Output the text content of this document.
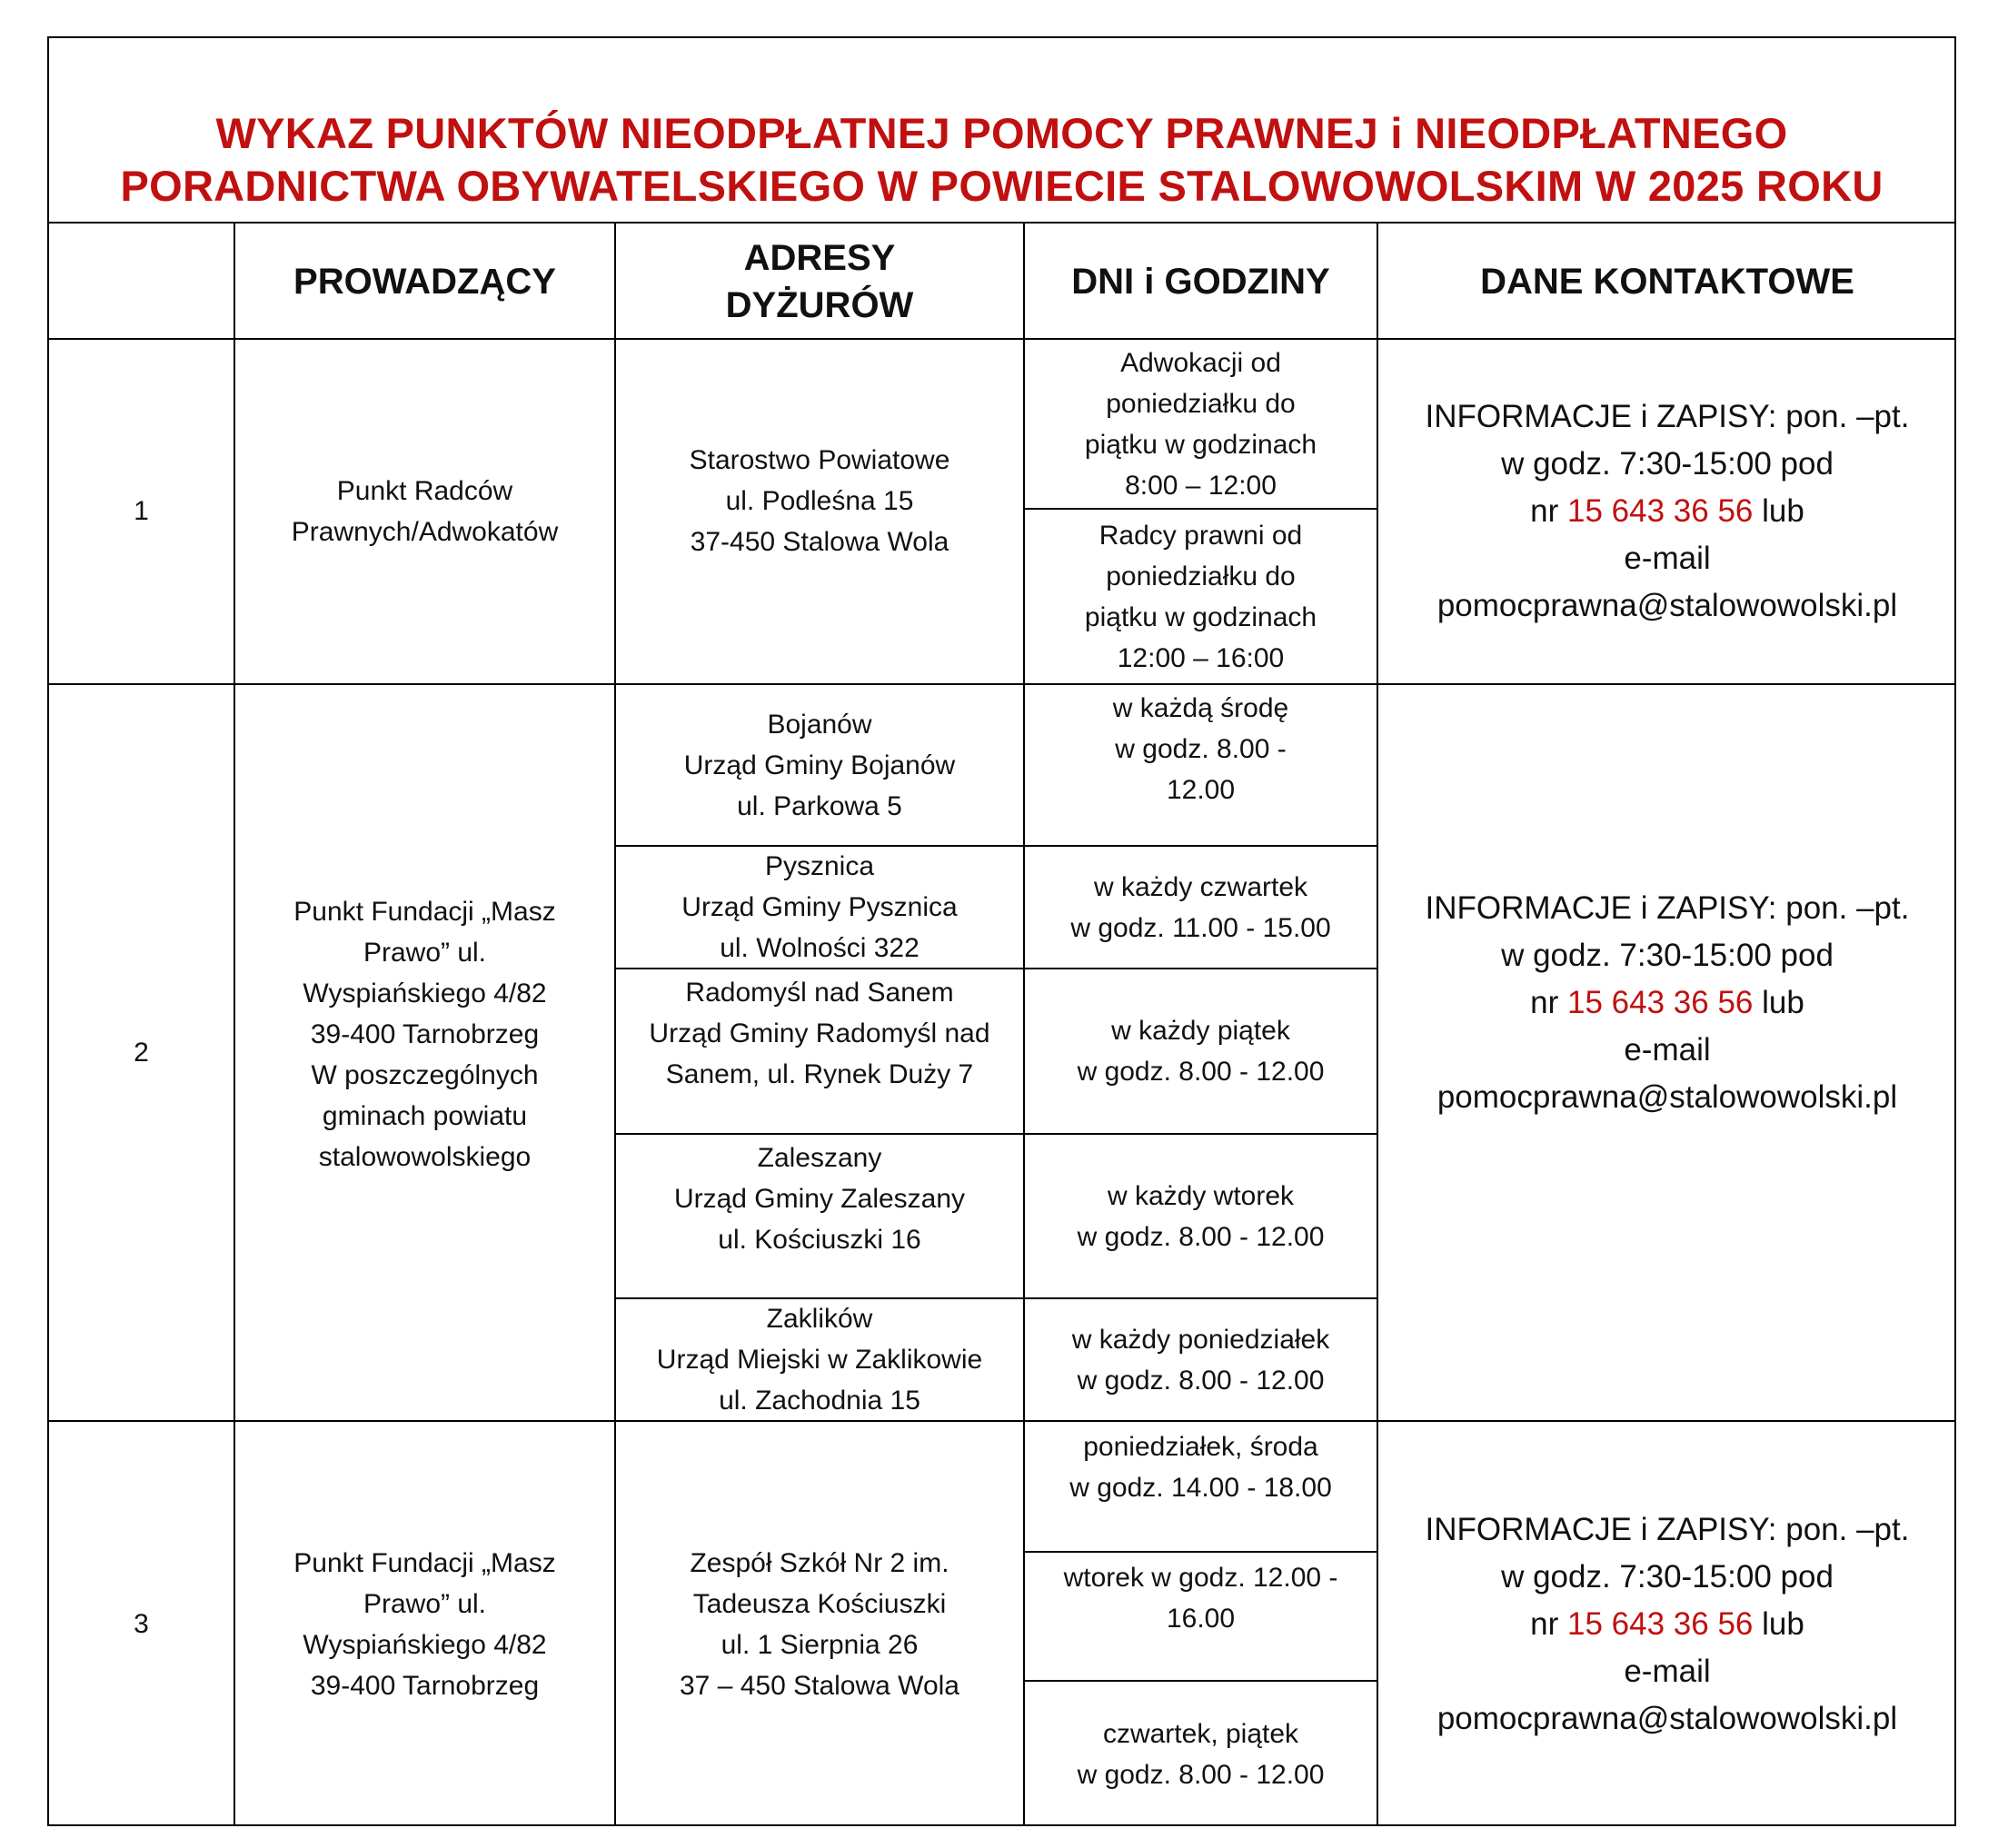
WYKAZ PUNKTÓW NIEODPŁATNEJ POMOCY PRAWNEJ i NIEODPŁATNEGO
PORADNICTWA OBYWATELSKIEGO W POWIECIE STALOWOWOLSKIM W 2025 ROKU
PROWADZĄCY
ADRESY
DYŻURÓW
DNI i GODZINY	DANE KONTAKTOWE
1
Punkt Radców
Prawnych/Adwokatów
Starostwo Powiatowe
ul. Podleśna 15
37-450 Stalowa Wola
Adwokacji od
poniedziałku do
piątku w godzinach
8:00 – 12:00
Radcy prawni od
poniedziałku do
piątku w godzinach
12:00 – 16:00
INFORMACJE i ZAPISY: pon. –pt.
w godz. 7:30-15:00 pod
nr 15 643 36 56 lub
e-mail
pomocprawna@stalowowolski.pl
2
Punkt Fundacji „Masz
Prawo” ul.
Wyspiańskiego 4/82
39-400 Tarnobrzeg
W poszczególnych
gminach powiatu
stalowowolskiego
Bojanów
Urząd Gminy Bojanów
ul. Parkowa 5
w każdą środę
w godz. 8.00 -
12.00
Pysznica
Urząd Gminy Pysznica
ul. Wolności 322
w każdy czwartek
w godz. 11.00 - 15.00
Radomyśl nad Sanem
Urząd Gminy Radomyśl nad
Sanem, ul. Rynek Duży 7
w każdy piątek
w godz. 8.00 - 12.00
Zaleszany
Urząd Gminy Zaleszany
ul. Kościuszki 16
w każdy wtorek
w godz. 8.00 - 12.00
Zaklików
Urząd Miejski w Zaklikowie
ul. Zachodnia 15
w każdy poniedziałek
w godz. 8.00 - 12.00
INFORMACJE i ZAPISY: pon. –pt.
w godz. 7:30-15:00 pod
nr 15 643 36 56 lub
e-mail
pomocprawna@stalowowolski.pl
3
Punkt Fundacji „Masz
Prawo” ul.
Wyspiańskiego 4/82
39-400 Tarnobrzeg
Zespół Szkół Nr 2 im.
Tadeusza Kościuszki
ul. 1 Sierpnia 26
37 – 450 Stalowa Wola
poniedziałek, środa
w godz. 14.00 - 18.00
wtorek w godz. 12.00 -
16.00
czwartek, piątek
w godz. 8.00 - 12.00
INFORMACJE i ZAPISY: pon. –pt.
w godz. 7:30-15:00 pod
nr 15 643 36 56 lub
e-mail
pomocprawna@stalowowolski.pl
